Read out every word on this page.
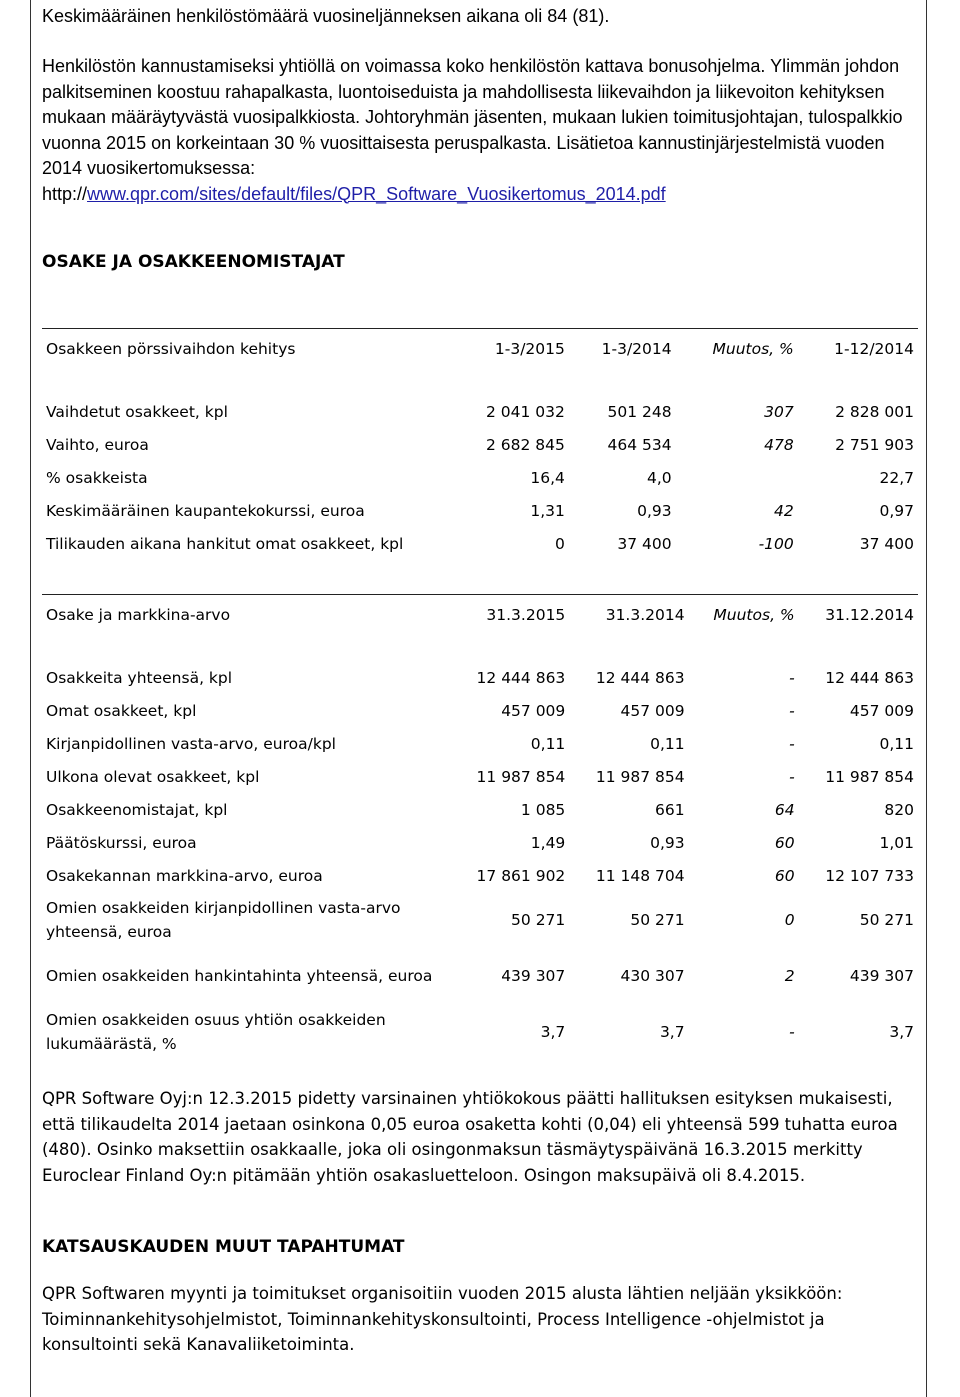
Keskimääräinen henkilöstömäärä vuosineljänneksen aikana oli 84 (81).

Henkilöstön kannustamiseksi yhtiöllä on voimassa koko henkilöstön kattava bonusohjelma. Ylimmän johdon palkitseminen koostuu rahapalkasta, luontoiseduista ja mahdollisesta liikevaihdon ja liikevoiton kehityksen mukaan määräytyvästä vuosipalkkiosta. Johtoryhmän jäsenten, mukaan lukien toimitusjohtajan, tulospalkkio vuonna 2015 on korkeintaan 30 % vuosittaisesta peruspalkasta. Lisätietoa kannustinjärjestelmistä vuoden 2014 vuosikertomuksessa:
http://www.qpr.com/sites/default/files/QPR_Software_Vuosikertomus_2014.pdf

OSAKE JA OSAKKEENOMISTAJAT
Osakkeen pörssivaihdon kehitys	1-3/2015	1-3/2014	Muutos, %	1-12/2014

Vaihdetut osakkeet, kpl	2 041 032	501 248	307	2 828 001
Vaihto, euroa	2 682 845	464 534	478	2 751 903
% osakkeista	16,4	4,0		22,7
Keskimääräinen kaupantekokurssi, euroa	1,31	0,93	42	0,97
Tilikauden aikana hankitut omat osakkeet, kpl	0	37 400	-100	37 400
Osake ja markkina-arvo	31.3.2015	31.3.2014	Muutos, %	31.12.2014

Osakkeita yhteensä, kpl	12 444 863	12 444 863	-	12 444 863
Omat osakkeet, kpl	457 009	457 009	-	457 009
Kirjanpidollinen vasta-arvo, euroa/kpl	0,11	0,11	-	0,11
Ulkona olevat osakkeet, kpl	11 987 854	11 987 854	-	11 987 854
Osakkeenomistajat, kpl	1 085	661	64	820
Päätöskurssi, euroa	1,49	0,93	60	1,01
Osakekannan markkina-arvo, euroa	17 861 902	11 148 704	60	12 107 733
Omien osakkeiden kirjanpidollinen vasta-arvo yhteensä, euroa	50 271	50 271	0	50 271
Omien osakkeiden hankintahinta yhteensä, euroa	439 307	430 307	2	439 307
Omien osakkeiden osuus yhtiön osakkeiden lukumäärästä, %	3,7	3,7	-	3,7

QPR Software Oyj:n 12.3.2015 pidetty varsinainen yhtiökokous päätti hallituksen esityksen mukaisesti, että tilikaudelta 2014 jaetaan osinkona 0,05 euroa osaketta kohti (0,04) eli yhteensä 599 tuhatta euroa (480). Osinko maksettiin osakkaalle, joka oli osingonmaksun täsmäytyspäivänä 16.3.2015 merkitty Euroclear Finland Oy:n pitämään yhtiön osakasluetteloon. Osingon maksupäivä oli 8.4.2015.

KATSAUSKAUDEN MUUT TAPAHTUMAT

QPR Softwaren myynti ja toimitukset organisoitiin vuoden 2015 alusta lähtien neljään yksikköön: Toiminnankehitysohjelmistot, Toiminnankehityskonsultointi, Process Intelligence -ohjelmistot ja konsultointi sekä Kanavaliiketoiminta.
